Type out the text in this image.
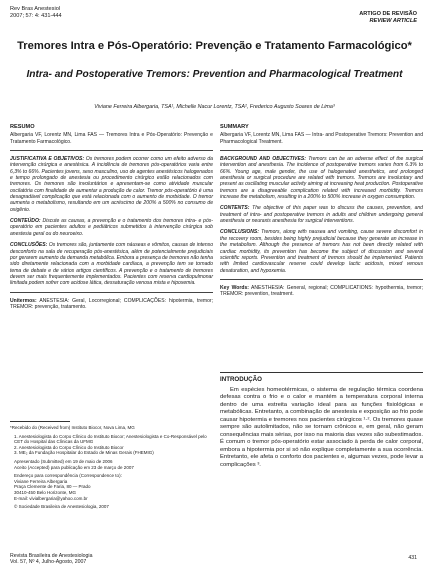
Rev Bras Anestesiol
2007; 57: 4: 431-444	ARTIGO DE REVISÃO
REVIEW ARTICLE
Tremores Intra e Pós-Operatório: Prevenção e Tratamento Farmacológico*
Intra- and Postoperative Tremors: Prevention and Pharmacological Treatment
Viviane Ferreira Albergaria, TSA¹, Michelle Nacur Lorentz, TSA², Frederico Augusto Soares de Lima³
RESUMO
Albergaria VF, Lorentz MN, Lima FAS — Tremores Intra e Pós-Operatório: Prevenção e Tratamento Farmacológico.

JUSTIFICATIVA E OBJETIVOS: Os tremores podem ocorrer como um efeito adverso da intervenção cirúrgica e anestésica. A incidência de tremores pós-operatórios varia entre 6,3% to 66%. Pacientes jovens, sexo masculino, uso de agentes anestésicos halogenados e tempo prolongado de anestesia ou procedimento cirúrgico estão relacionados com tremores. Os tremores são involuntários e apresentam-se como atividade muscular oscilatória com finalidade de aumentar a produção de calor. Tremor pós-operatório é uma desagradável complicação que está relacionada com o aumento de morbidade. O tremor aumenta o metabolismo, resultando em um acréscimo de 200% a 500% no consumo de oxigênio.

CONTEÚDO: Discute as causas, a prevenção e o tratamento dos tremores intra- e pós-operatório em pacientes adultos e pediátricos submetidos à intervenção cirúrgica sob anestesia geral ou do neuroeixo.

CONCLUSÕES: Os tremores são, juntamente com náuseas e vômitos, causas de intenso desconforto na sala de recuperação pós-anestésica, além de potencialmente prejudiciais por gerarem aumento da demanda metabólica. Embora a presença de tremores não tenha sido diretamente relacionada com a morbidade cardíaca, a prevenção tem se tornado tema de debate e de vários artigos científicos. A prevenção e o tratamento de tremores devem ser mais frequentemente implementados. Pacientes com reserva cardiopulmonar limitada podem sofrer com acidose lática, dessaturação venosa mista e hipoxemia.

Unitermos: ANESTESIA: Geral, Locorregional; COMPLICAÇÕES: hipotermia, tremor; TREMOR: prevenção, tratamento.

SUMMARY
Albergaria VF, Lorentz MN, Lima FAS — Intra- and Postoperative Tremors: Prevention and Pharmacological Treatment.

BACKGROUND AND OBJECTIVES: Tremors can be an adverse effect of the surgical intervention and anesthesia. The incidence of postoperative tremors varies from 6.3% to 66%. Young age, male gender, the use of halogenated anesthetics, and prolonged anesthesia or surgical procedure are related with tremors. Tremors are involuntary and present as oscillating muscular activity aiming at increasing heat production. Postoperative tremors are a disagreeable complication related with increased morbidity. Tremors increase the metabolism, resulting in a 200% to 500% increase in oxygen consumption.

CONTENTS: The objective of this paper was to discuss the causes, prevention, and treatment of intra- and postoperative tremors in adults and children undergoing general anesthesia or neuraxis anesthesia for surgical interventions.

CONCLUSIONS: Tremors, along with nausea and vomiting, cause severe discomfort in the recovery room, besides being highly prejudicial because they generate an increase in the metabolism. Although the presence of tremors has not been directly related with cardiac morbidity, its prevention has become the subject of discussion and several scientific reports. Prevention and treatment of tremors should be implemented. Patients with limited cardiovascular reserve could develop lactic acidosis, mixed venous desaturation, and hypoxemia.

Key Words: ANESTHESIA: General, regional; COMPLICATIONS: hypothermia, tremor; TREMOR: prevention, treatment.

*Recebido do (Received from) Instituto Biocor, Nova Lima, MG

1. Anestesiologista do Corpo Clínico do Instituto Biocor; Anestesiologista e Co-Responsável pelo CET do Hospital das Clínicas da UFMG
2. Anestesiologista do Corpo Clínico do Instituto Biocor

3. ME₂ da Fundação Hospitalar do Estado de Minas Gerais (FHEMIG)

Apresentado (Submitted) em 19 de maio de 2006

Aceito (Accepted) para publicação em 23 de março de 2007

Endereço para correspondência (Correspondence to):
Viviane Ferreira Albergaria
Praça Clemente de Faria, 80 — Prado
30410-450 Belo Horizonte, MG

E-mail: vivialbergaria@yahoo.com.br

© Sociedade Brasileira de Anestesiologia, 2007
INTRODUÇÃO
Em espécies homeotérmicas, o sistema de regulação térmica coordena defesas contra o frio e o calor e mantém a temperatura corporal interna dentro de uma estreita variação ideal para as funções fisiológicas e metabólicas. Entretanto, a combinação de anestesia e exposição ao frio pode causar hipotermia e tremores nos pacientes cirúrgicos ¹·². Os tremores quase sempre são autolimitados, não se tornam crônicos e, em geral, não geram consequências mais sérias, por isso na maioria das vezes são subestimados. É comum o tremor pós-operatório estar associado à perda de calor corporal, embora a hipotermia por si só não explique completamente a sua ocorrência. Entretanto, ele afeta o conforto dos pacientes e, algumas vezes, pode levar a complicações ³.
Revista Brasileira de Anestesiologia
Vol. 57, Nº 4, Julho-Agosto, 2007
431
